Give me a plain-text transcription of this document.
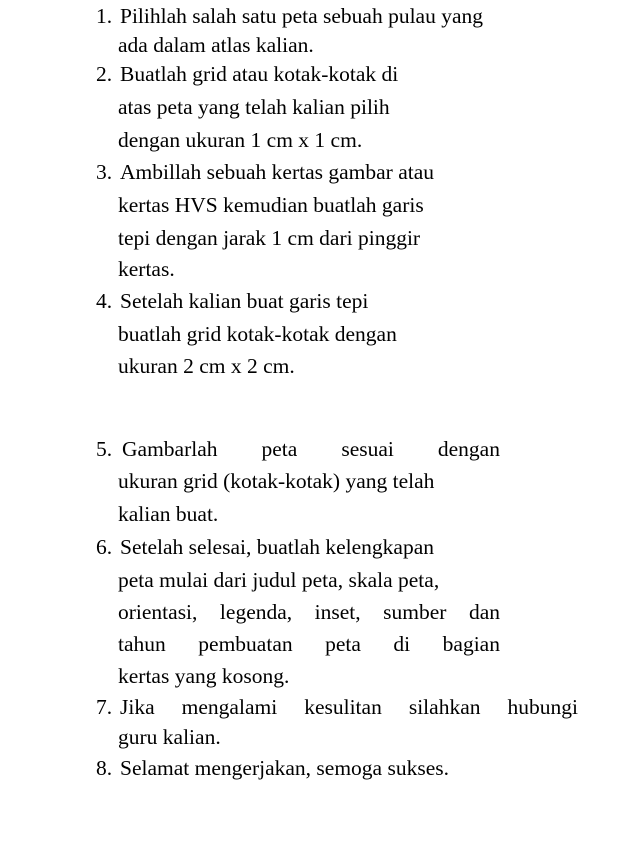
1. Pilihlah salah satu peta sebuah pulau yang
ada dalam atlas kalian.
2. Buatlah grid atau kotak-kotak di
atas peta yang telah kalian pilih
dengan ukuran 1 cm x 1 cm.
3. Ambillah sebuah kertas gambar atau
kertas HVS kemudian buatlah garis
tepi dengan jarak 1 cm dari pinggir
kertas.
4. Setelah kalian buat garis tepi
buatlah grid kotak-kotak dengan
ukuran 2 cm x 2 cm.
5. Gambarlah peta sesuai dengan
ukuran grid (kotak-kotak) yang telah
kalian buat.
6. Setelah selesai, buatlah kelengkapan
peta mulai dari judul peta, skala peta,
orientasi, legenda, inset, sumber dan
tahun pembuatan peta di bagian
kertas yang kosong.
7. Jika mengalami kesulitan silahkan hubungi
guru kalian.
8. Selamat mengerjakan, semoga sukses.
